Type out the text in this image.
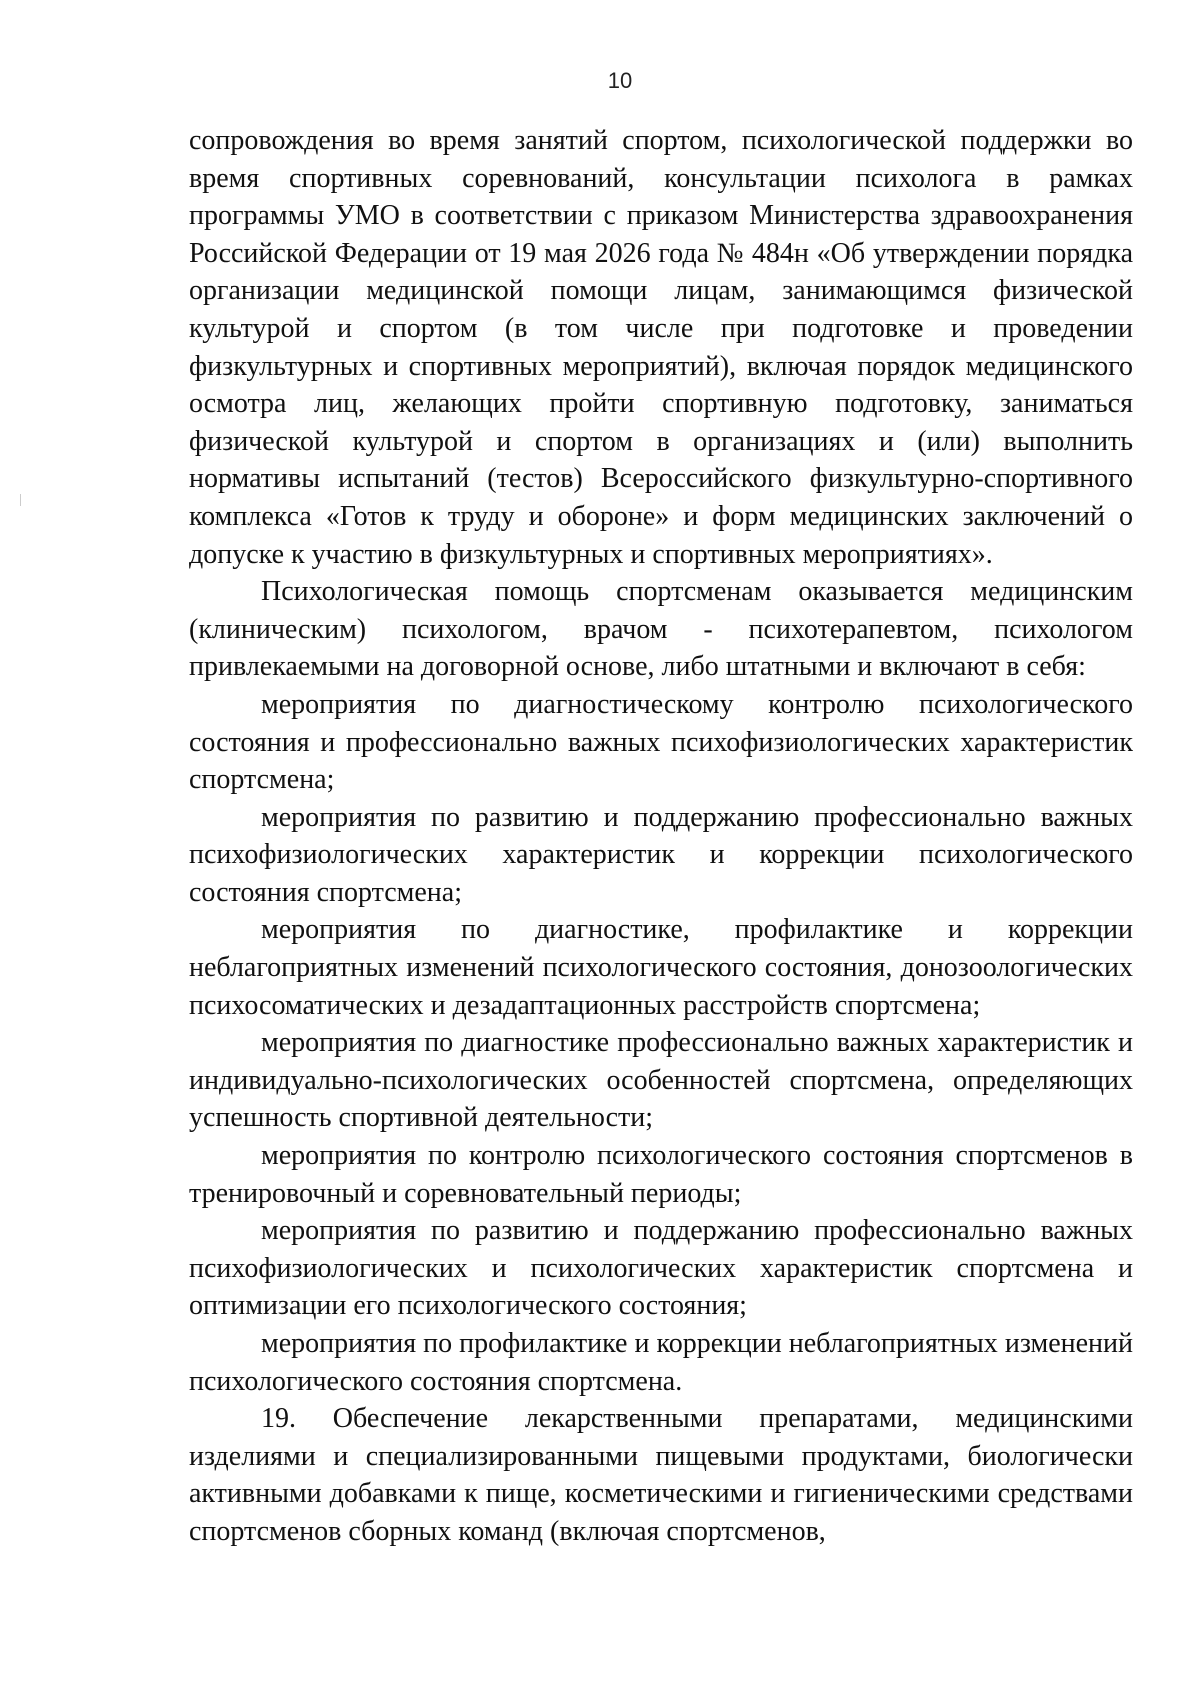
10

сопровождения во время занятий спортом, психологической поддержки во время спортивных соревнований, консультации психолога в рамках программы УМО в соответствии с приказом Министерства здравоохранения Российской Федерации от 19 мая 2026 года № 484н «Об утверждении порядка организации медицинской помощи лицам, занимающимся физической культурой и спортом (в том числе при подготовке и проведении физкультурных и спортивных мероприятий), включая порядок медицинского осмотра лиц, желающих пройти спортивную подготовку, заниматься физической культурой и спортом в организациях и (или) выполнить нормативы испытаний (тестов) Всероссийского физкультурно-спортивного комплекса «Готов к труду и обороне» и форм медицинских заключений о допуске к участию в физкультурных и спортивных мероприятиях».

Психологическая помощь спортсменам оказывается медицинским (клиническим) психологом, врачом - психотерапевтом, психологом привлекаемыми на договорной основе, либо штатными и включают в себя:

мероприятия по диагностическому контролю психологического состояния и профессионально важных психофизиологических характеристик спортсмена;

мероприятия по развитию и поддержанию профессионально важных психофизиологических характеристик и коррекции психологического состояния спортсмена;

мероприятия по диагностике, профилактике и коррекции неблагоприятных изменений психологического состояния, донозоологических психосоматических и дезадаптационных расстройств спортсмена;

мероприятия по диагностике профессионально важных характеристик и индивидуально-психологических особенностей спортсмена, определяющих успешность спортивной деятельности;

мероприятия по контролю психологического состояния спортсменов в тренировочный и соревновательный периоды;

мероприятия по развитию и поддержанию профессионально важных психофизиологических и психологических характеристик спортсмена и оптимизации его психологического состояния;

мероприятия по профилактике и коррекции неблагоприятных изменений психологического состояния спортсмена.

19. Обеспечение лекарственными препаратами, медицинскими изделиями и специализированными пищевыми продуктами, биологически активными добавками к пище, косметическими и гигиеническими средствами спортсменов сборных команд (включая спортсменов,
